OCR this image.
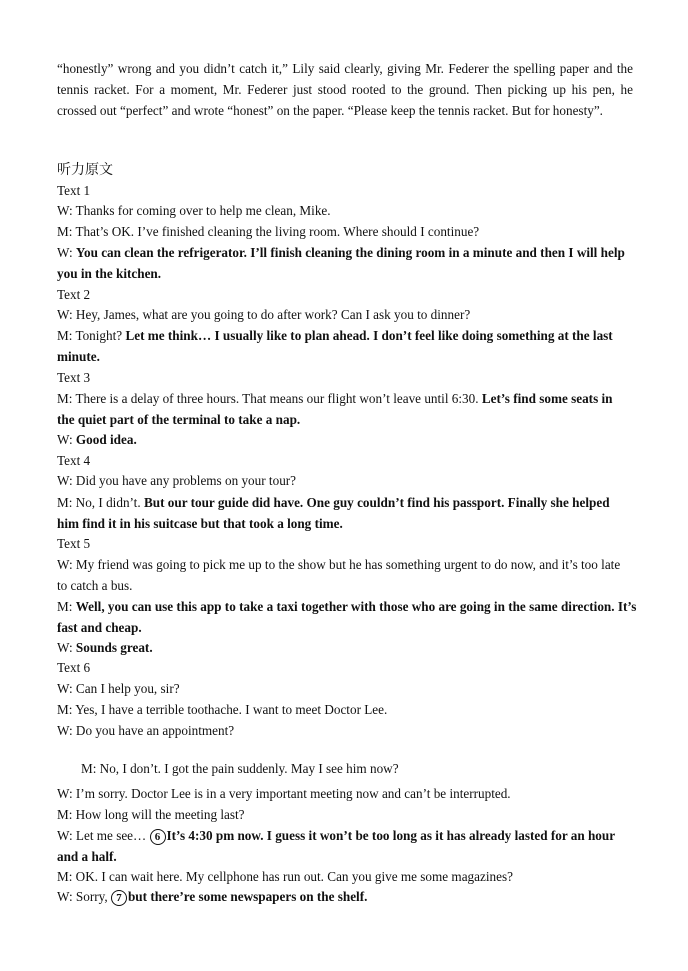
“honestly” wrong and you didn’t catch it,” Lily said clearly, giving Mr. Federer the spelling paper and the tennis racket. For a moment, Mr. Federer just stood rooted to the ground. Then picking up his pen, he crossed out “perfect” and wrote “honest” on the paper. “Please keep the tennis racket. But for honesty”.
听力原文
Text 1
W: Thanks for coming over to help me clean, Mike.
M: That’s OK. I’ve finished cleaning the living room. Where should I continue?
W: You can clean the refrigerator. I’ll finish cleaning the dining room in a minute and then I will help you in the kitchen.
Text 2
W: Hey, James, what are you going to do after work? Can I ask you to dinner?
M: Tonight? Let me think… I usually like to plan ahead. I don’t feel like doing something at the last minute.
Text 3
M: There is a delay of three hours. That means our flight won’t leave until 6:30. Let’s find some seats in the quiet part of the terminal to take a nap.
W: Good idea.
Text 4
W: Did you have any problems on your tour?
M: No, I didn’t. But our tour guide did have. One guy couldn’t find his passport. Finally she helped him find it in his suitcase but that took a long time.
Text 5
W: My friend was going to pick me up to the show but he has something urgent to do now, and it’s too late to catch a bus.
M: Well, you can use this app to take a taxi together with those who are going in the same direction. It’s fast and cheap.
W: Sounds great.
Text 6
W: Can I help you, sir?
M: Yes, I have a terrible toothache. I want to meet Doctor Lee.
W: Do you have an appointment?
M: No, I don’t. I got the pain suddenly. May I see him now?
W: I’m sorry. Doctor Lee is in a very important meeting now and can’t be interrupted.
M: How long will the meeting last?
W: Let me see… 6 It’s 4:30 pm now. I guess it won’t be too long as it has already lasted for an hour and a half.
M: OK. I can wait here. My cellphone has run out. Can you give me some magazines?
W: Sorry, 7 but there’re some newspapers on the shelf.
